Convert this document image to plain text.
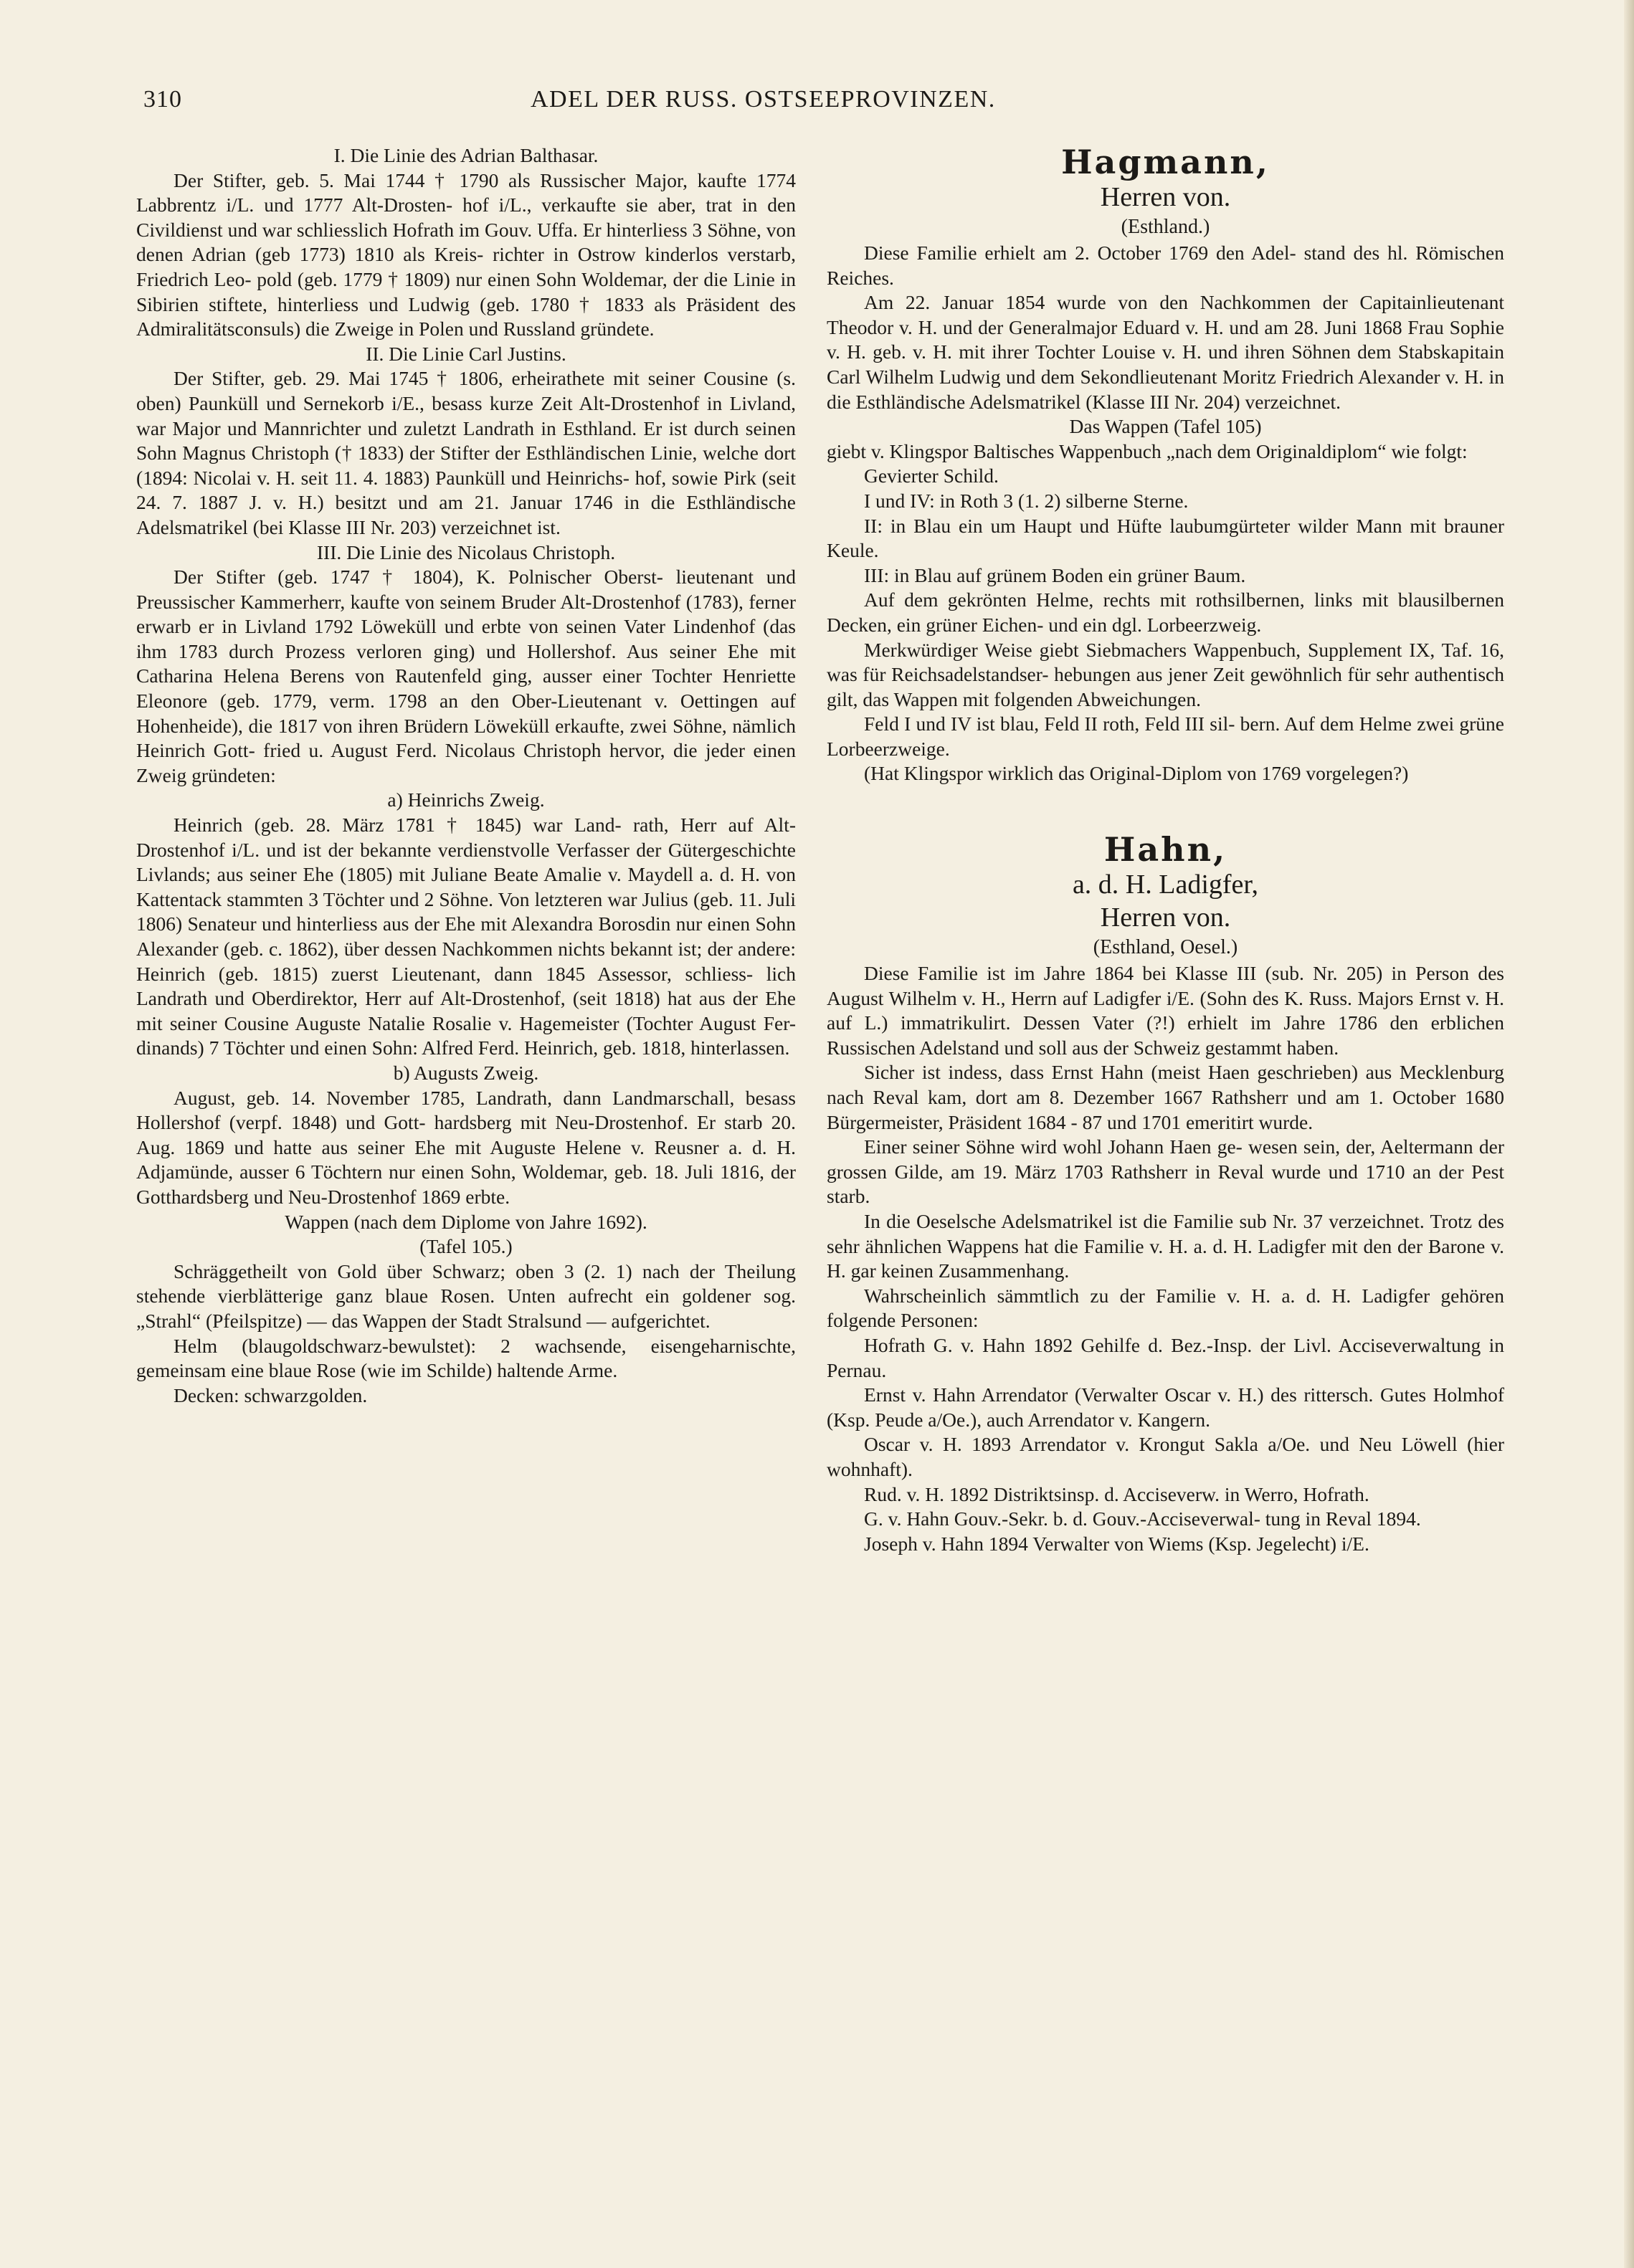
310	ADEL DER RUSS. OSTSEEPROVINZEN.

I. Die Linie des Adrian Balthasar.

Der Stifter, geb. 5. Mai 1744 † 1790 als Russischer Major, kaufte 1774 Labbrentz i/L. und 1777 Alt-Drosten- hof i/L., verkaufte sie aber, trat in den Civildienst und war schliesslich Hofrath im Gouv. Uffa. Er hinterliess 3 Söhne, von denen Adrian (geb 1773) 1810 als Kreis- richter in Ostrow kinderlos verstarb, Friedrich Leo- pold (geb. 1779 † 1809) nur einen Sohn Woldemar, der die Linie in Sibirien stiftete, hinterliess und Ludwig (geb. 1780 † 1833 als Präsident des Admiralitätsconsuls) die Zweige in Polen und Russland gründete.

II. Die Linie Carl Justins.

Der Stifter, geb. 29. Mai 1745 † 1806, erheirathete mit seiner Cousine (s. oben) Paunküll und Sernekorb i/E., besass kurze Zeit Alt-Drostenhof in Livland, war Major und Mannrichter und zuletzt Landrath in Esthland. Er ist durch seinen Sohn Magnus Christoph († 1833) der Stifter der Esthländischen Linie, welche dort (1894: Nicolai v. H. seit 11. 4. 1883) Paunküll und Heinrichs- hof, sowie Pirk (seit 24. 7. 1887 J. v. H.) besitzt und am 21. Januar 1746 in die Esthländische Adelsmatrikel (bei Klasse III Nr. 203) verzeichnet ist.

III. Die Linie des Nicolaus Christoph.

Der Stifter (geb. 1747 † 1804), K. Polnischer Oberst- lieutenant und Preussischer Kammerherr, kaufte von seinem Bruder Alt-Drostenhof (1783), ferner erwarb er in Livland 1792 Löweküll und erbte von seinen Vater Lindenhof (das ihm 1783 durch Prozess verloren ging) und Hollershof. Aus seiner Ehe mit Catharina Helena Berens von Rautenfeld ging, ausser einer Tochter Henriette Eleonore (geb. 1779, verm. 1798 an den Ober-Lieutenant v. Oettingen auf Hohenheide), die 1817 von ihren Brüdern Löweküll erkaufte, zwei Söhne, nämlich Heinrich Gott- fried u. August Ferd. Nicolaus Christoph hervor, die jeder einen Zweig gründeten:

a) Heinrichs Zweig.

Heinrich (geb. 28. März 1781 † 1845) war Land- rath, Herr auf Alt-Drostenhof i/L. und ist der bekannte verdienstvolle Verfasser der Gütergeschichte Livlands; aus seiner Ehe (1805) mit Juliane Beate Amalie v. Maydell a. d. H. von Kattentack stammten 3 Töchter und 2 Söhne. Von letzteren war Julius (geb. 11. Juli 1806) Senateur und hinterliess aus der Ehe mit Alexandra Borosdin nur einen Sohn Alexander (geb. c. 1862), über dessen Nachkommen nichts bekannt ist; der andere: Heinrich (geb. 1815) zuerst Lieutenant, dann 1845 Assessor, schliess- lich Landrath und Oberdirektor, Herr auf Alt-Drostenhof, (seit 1818) hat aus der Ehe mit seiner Cousine Auguste Natalie Rosalie v. Hagemeister (Tochter August Fer- dinands) 7 Töchter und einen Sohn: Alfred Ferd. Heinrich, geb. 1818, hinterlassen.

b) Augusts Zweig.

August, geb. 14. November 1785, Landrath, dann Landmarschall, besass Hollershof (verpf. 1848) und Gott- hardsberg mit Neu-Drostenhof. Er starb 20. Aug. 1869 und hatte aus seiner Ehe mit Auguste Helene v. Reusner a. d. H. Adjamünde, ausser 6 Töchtern nur einen Sohn, Woldemar, geb. 18. Juli 1816, der Gotthardsberg und Neu-Drostenhof 1869 erbte.

Wappen (nach dem Diplome von Jahre 1692).

(Tafel 105.)

Schräggetheilt von Gold über Schwarz; oben 3 (2. 1) nach der Theilung stehende vierblätterige ganz blaue Rosen. Unten aufrecht ein goldener sog. „Strahl“ (Pfeilspitze) — das Wappen der Stadt Stralsund — aufgerichtet.

Helm (blaugoldschwarz-bewulstet): 2 wachsende, eisengeharnischte, gemeinsam eine blaue Rose (wie im Schilde) haltende Arme.

Decken: schwarzgolden.

Hagmann,
Herren von.
(Esthland.)

Diese Familie erhielt am 2. October 1769 den Adel- stand des hl. Römischen Reiches.

Am 22. Januar 1854 wurde von den Nachkommen der Capitainlieutenant Theodor v. H. und der Generalmajor Eduard v. H. und am 28. Juni 1868 Frau Sophie v. H. geb. v. H. mit ihrer Tochter Louise v. H. und ihren Söhnen dem Stabskapitain Carl Wilhelm Ludwig und dem Sekondlieutenant Moritz Friedrich Alexander v. H. in die Esthländische Adelsmatrikel (Klasse III Nr. 204) verzeichnet.

Das Wappen (Tafel 105)

giebt v. Klingspor Baltisches Wappenbuch „nach dem Originaldiplom“ wie folgt:

Gevierter Schild.

I und IV: in Roth 3 (1. 2) silberne Sterne.

II: in Blau ein um Haupt und Hüfte laubumgürteter wilder Mann mit brauner Keule.

III: in Blau auf grünem Boden ein grüner Baum.

Auf dem gekrönten Helme, rechts mit rothsilbernen, links mit blausilbernen Decken, ein grüner Eichen- und ein dgl. Lorbeerzweig.

Merkwürdiger Weise giebt Siebmachers Wappenbuch, Supplement IX, Taf. 16, was für Reichsadelstandser- hebungen aus jener Zeit gewöhnlich für sehr authentisch gilt, das Wappen mit folgenden Abweichungen.

Feld I und IV ist blau, Feld II roth, Feld III sil- bern. Auf dem Helme zwei grüne Lorbeerzweige.

(Hat Klingspor wirklich das Original-Diplom von 1769 vorgelegen?)

Hahn,
a. d. H. Ladigfer,
Herren von.
(Esthland, Oesel.)

Diese Familie ist im Jahre 1864 bei Klasse III (sub. Nr. 205) in Person des August Wilhelm v. H., Herrn auf Ladigfer i/E. (Sohn des K. Russ. Majors Ernst v. H. auf L.) immatrikulirt. Dessen Vater (?!) erhielt im Jahre 1786 den erblichen Russischen Adelstand und soll aus der Schweiz gestammt haben.

Sicher ist indess, dass Ernst Hahn (meist Haen geschrieben) aus Mecklenburg nach Reval kam, dort am 8. Dezember 1667 Rathsherr und am 1. October 1680 Bürgermeister, Präsident 1684 - 87 und 1701 emeritirt wurde.

Einer seiner Söhne wird wohl Johann Haen ge- wesen sein, der, Aeltermann der grossen Gilde, am 19. März 1703 Rathsherr in Reval wurde und 1710 an der Pest starb.

In die Oeselsche Adelsmatrikel ist die Familie sub Nr. 37 verzeichnet. Trotz des sehr ähnlichen Wappens hat die Familie v. H. a. d. H. Ladigfer mit den der Barone v. H. gar keinen Zusammenhang.

Wahrscheinlich sämmtlich zu der Familie v. H. a. d. H. Ladigfer gehören folgende Personen:

Hofrath G. v. Hahn 1892 Gehilfe d. Bez.-Insp. der Livl. Acciseverwaltung in Pernau.

Ernst v. Hahn Arrendator (Verwalter Oscar v. H.) des rittersch. Gutes Holmhof (Ksp. Peude a/Oe.), auch Arrendator v. Kangern.

Oscar v. H. 1893 Arrendator v. Krongut Sakla a/Oe. und Neu Löwell (hier wohnhaft).

Rud. v. H. 1892 Distriktsinsp. d. Acciseverw. in Werro, Hofrath.

G. v. Hahn Gouv.-Sekr. b. d. Gouv.-Acciseverwal- tung in Reval 1894.

Joseph v. Hahn 1894 Verwalter von Wiems (Ksp. Jegelecht) i/E.
